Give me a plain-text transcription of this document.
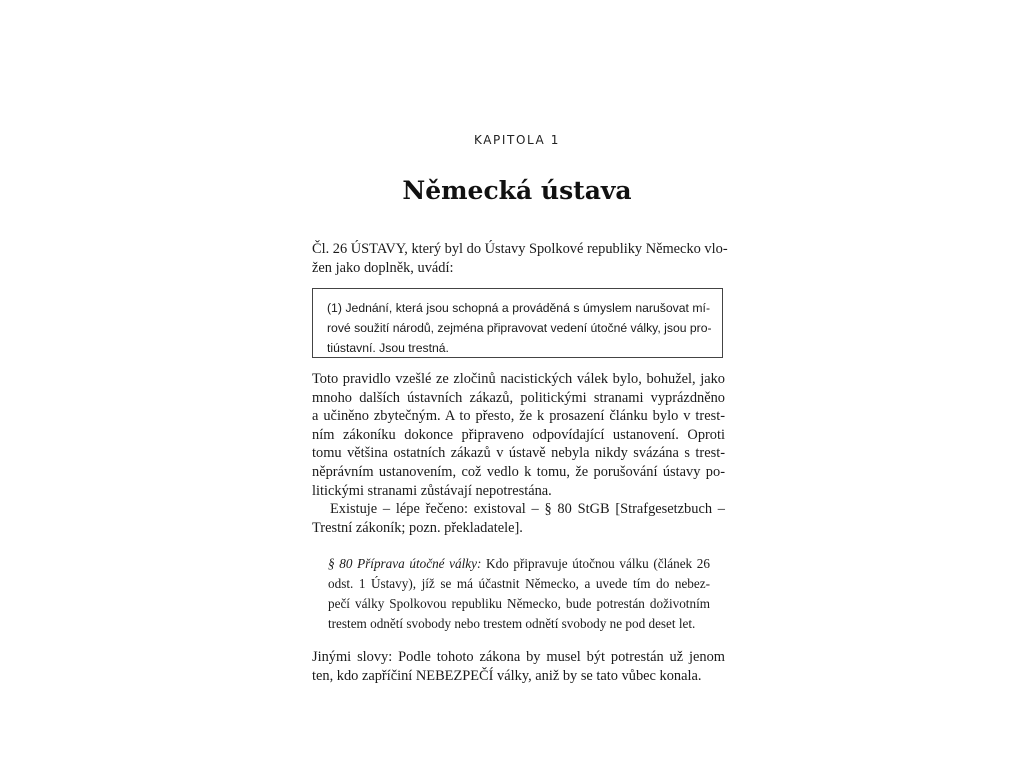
KAPITOLA 1
Německá ústava
Čl. 26 ÚSTAVY, který byl do Ústavy Spolkové republiky Německo vlo-
žen jako doplněk, uvádí:
(1) Jednání, která jsou schopná a prováděná s úmyslem narušovat mí-
rové soužití národů, zejména připravovat vedení útočné války, jsou pro-
tiústavní. Jsou trestná.
Toto pravidlo vzešlé ze zločinů nacistických válek bylo, bohužel, jako
mnoho dalších ústavních zákazů, politickými stranami vyprázdněno
a učiněno zbytečným. A to přesto, že k prosazení článku bylo v trest-
ním zákoníku dokonce připraveno odpovídající ustanovení. Oproti
tomu většina ostatních zákazů v ústavě nebyla nikdy svázána s trest-
něprávním ustanovením, což vedlo k tomu, že porušování ústavy po-
litickými stranami zůstávají nepotrestána.
Existuje – lépe řečeno: existoval – § 80 StGB [Strafgesetzbuch –
Trestní zákoník; pozn. překladatele].
§ 80 Příprava útočné války: Kdo připravuje útočnou válku (článek 26
odst. 1 Ústavy), jíž se má účastnit Německo, a uvede tím do nebez-
pečí války Spolkovou republiku Německo, bude potrestán doživotním
trestem odnětí svobody nebo trestem odnětí svobody ne pod deset let.
Jinými slovy: Podle tohoto zákona by musel být potrestán už jenom
ten, kdo zapříčiní NEBEZPEČÍ války, aniž by se tato vůbec konala.
